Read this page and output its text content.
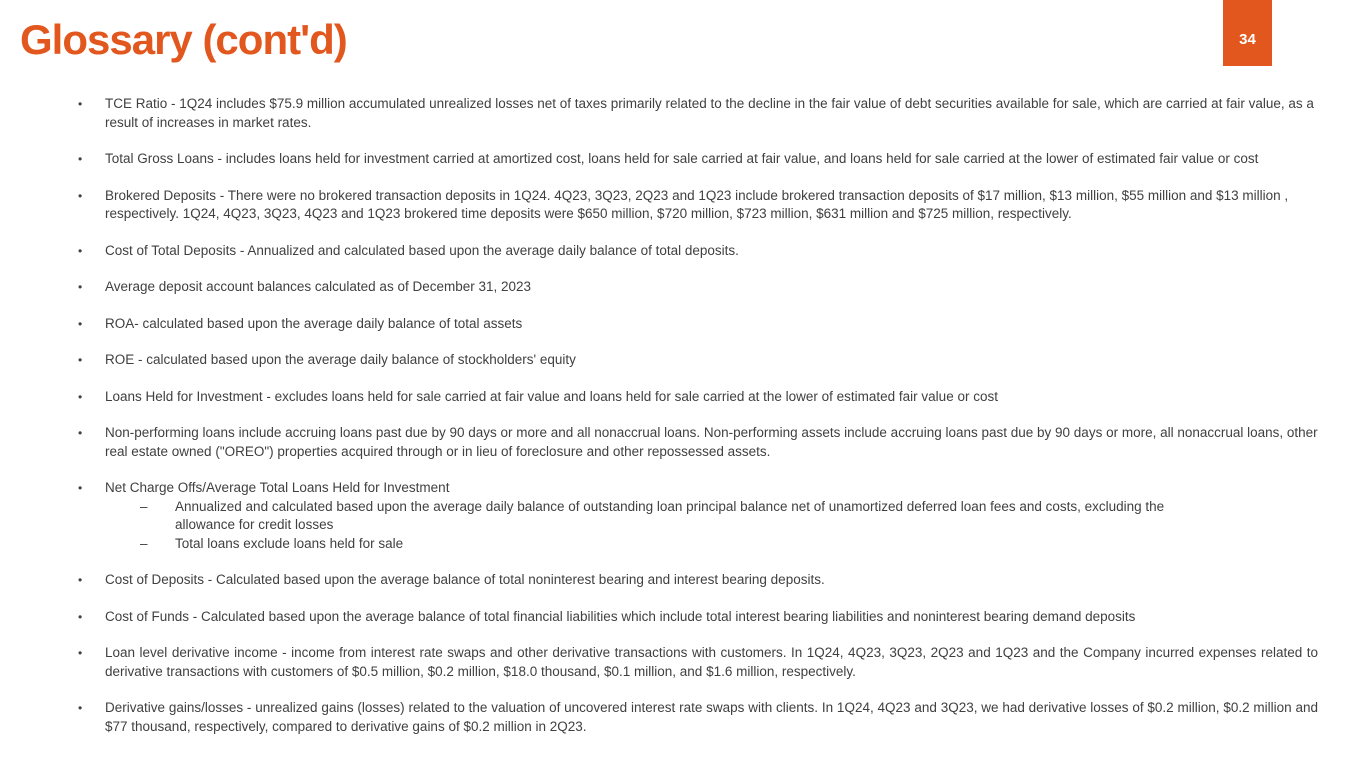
Glossary (cont'd)	34
•	TCE Ratio - 1Q24 includes $75.9 million accumulated unrealized losses net of taxes primarily related to the decline in the fair value of debt securities available for sale, which are carried at fair value, as a result of increases in market rates.
•	Total Gross Loans - includes loans held for investment carried at amortized cost, loans held for sale carried at fair value, and loans held for sale carried at the lower of estimated fair value or cost
•	Brokered Deposits - There were no brokered transaction deposits in 1Q24. 4Q23, 3Q23, 2Q23 and 1Q23 include brokered transaction deposits of $17 million, $13 million, $55 million and $13 million , respectively. 1Q24, 4Q23, 3Q23, 4Q23 and 1Q23 brokered time deposits were $650 million, $720 million, $723 million, $631 million and $725 million, respectively.
•	Cost of Total Deposits - Annualized and calculated based upon the average daily balance of total deposits.
•	Average deposit account balances calculated as of December 31, 2023
•	ROA- calculated based upon the average daily balance of total assets
•	ROE - calculated based upon the average daily balance of stockholders' equity
•	Loans Held for Investment - excludes loans held for sale carried at fair value and loans held for sale carried at the lower of estimated fair value or cost
•	Non-performing loans include accruing loans past due by 90 days or more and all nonaccrual loans. Non-performing assets include accruing loans past due by 90 days or more, all nonaccrual loans, other real estate owned ("OREO") properties acquired through or in lieu of foreclosure and other repossessed assets.
•	Net Charge Offs/Average Total Loans Held for Investment
–	Annualized and calculated based upon the average daily balance of outstanding loan principal balance net of unamortized deferred loan fees and costs, excluding the allowance for credit losses
–	Total loans exclude loans held for sale
•	Cost of Deposits - Calculated based upon the average balance of total noninterest bearing and interest bearing deposits.
•	Cost of Funds - Calculated based upon the average balance of total financial liabilities which include total interest bearing liabilities and noninterest bearing demand deposits
•	Loan level derivative income - income from interest rate swaps and other derivative transactions with customers. In 1Q24, 4Q23, 3Q23, 2Q23 and 1Q23 and the Company incurred expenses related to derivative transactions with customers of $0.5 million, $0.2 million, $18.0 thousand, $0.1 million, and $1.6 million, respectively.
•	Derivative gains/losses - unrealized gains (losses) related to the valuation of uncovered interest rate swaps with clients. In 1Q24, 4Q23 and 3Q23, we had derivative losses of $0.2 million, $0.2 million and $77 thousand, respectively, compared to derivative gains of $0.2 million in 2Q23.
